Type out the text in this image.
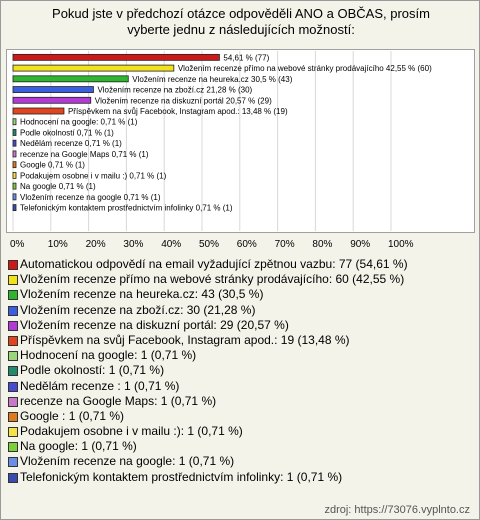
Pokud jste v předchozí otázce odpověděli ANO a OBČAS, prosím
vyberte jednu z následujících možností:
54,61 % (77)
Vložením recenze přímo na webové stránky prodávajícího 42,55 % (60)
Vložením recenze na heureka.cz 30,5 % (43)
Vložením recenze na zboží.cz 21,28 % (30)
Vložením recenze na diskuzní portál 20,57 % (29)
Příspěvkem na svůj Facebook, Instagram apod.: 13,48 % (19)
Hodnocení na google: 0,71 % (1)
Podle okolností 0,71 % (1)
Nedělám recenze 0,71 % (1)
recenze na Google Maps 0,71 % (1)
Google 0,71 % (1)
Podakujem osobne i v mailu :) 0,71 % (1)
Na google 0,71 % (1)
Vložením recenze na google 0,71 % (1)
Telefonickým kontaktem prostřednictvím infolinky 0,71 % (1)
0% 10% 20% 30% 40% 50% 60% 70% 80% 90% 100%
Automatickou odpovědí na email vyžadující zpětnou vazbu: 77 (54,61 %)
Vložením recenze přímo na webové stránky prodávajícího: 60 (42,55 %)
Vložením recenze na heureka.cz: 43 (30,5 %)
Vložením recenze na zboží.cz: 30 (21,28 %)
Vložením recenze na diskuzní portál: 29 (20,57 %)
Příspěvkem na svůj Facebook, Instagram apod.: 19 (13,48 %)
Hodnocení na google: 1 (0,71 %)
Podle okolností: 1 (0,71 %)
Nedělám recenze : 1 (0,71 %)
recenze na Google Maps: 1 (0,71 %)
Google : 1 (0,71 %)
Podakujem osobne i v mailu :): 1 (0,71 %)
Na google: 1 (0,71 %)
Vložením recenze na google: 1 (0,71 %)
Telefonickým kontaktem prostřednictvím infolinky: 1 (0,71 %)
zdroj: https://73076.vyplnto.cz
